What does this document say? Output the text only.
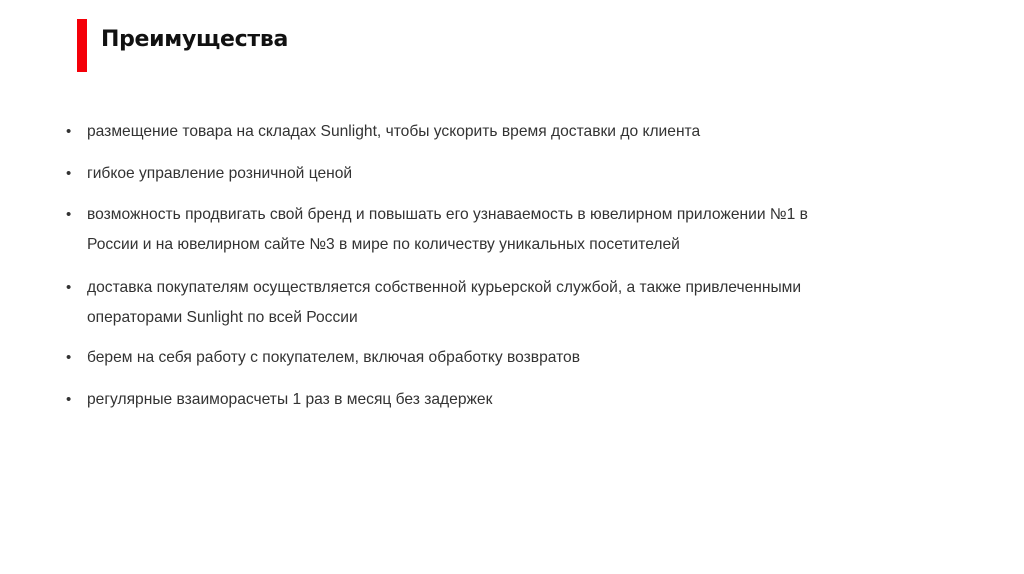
Преимущества
• размещение товара на складах Sunlight, чтобы ускорить время доставки до клиента
• гибкое управление розничной ценой
• возможность продвигать свой бренд и повышать его узнаваемость в ювелирном приложении №1 в
России и на ювелирном сайте №3 в мире по количеству уникальных посетителей
• доставка покупателям осуществляется собственной курьерской службой, а также привлеченными
операторами Sunlight по всей России
• берем на себя работу с покупателем, включая обработку возвратов
• регулярные взаиморасчеты 1 раз в месяц без задержек
